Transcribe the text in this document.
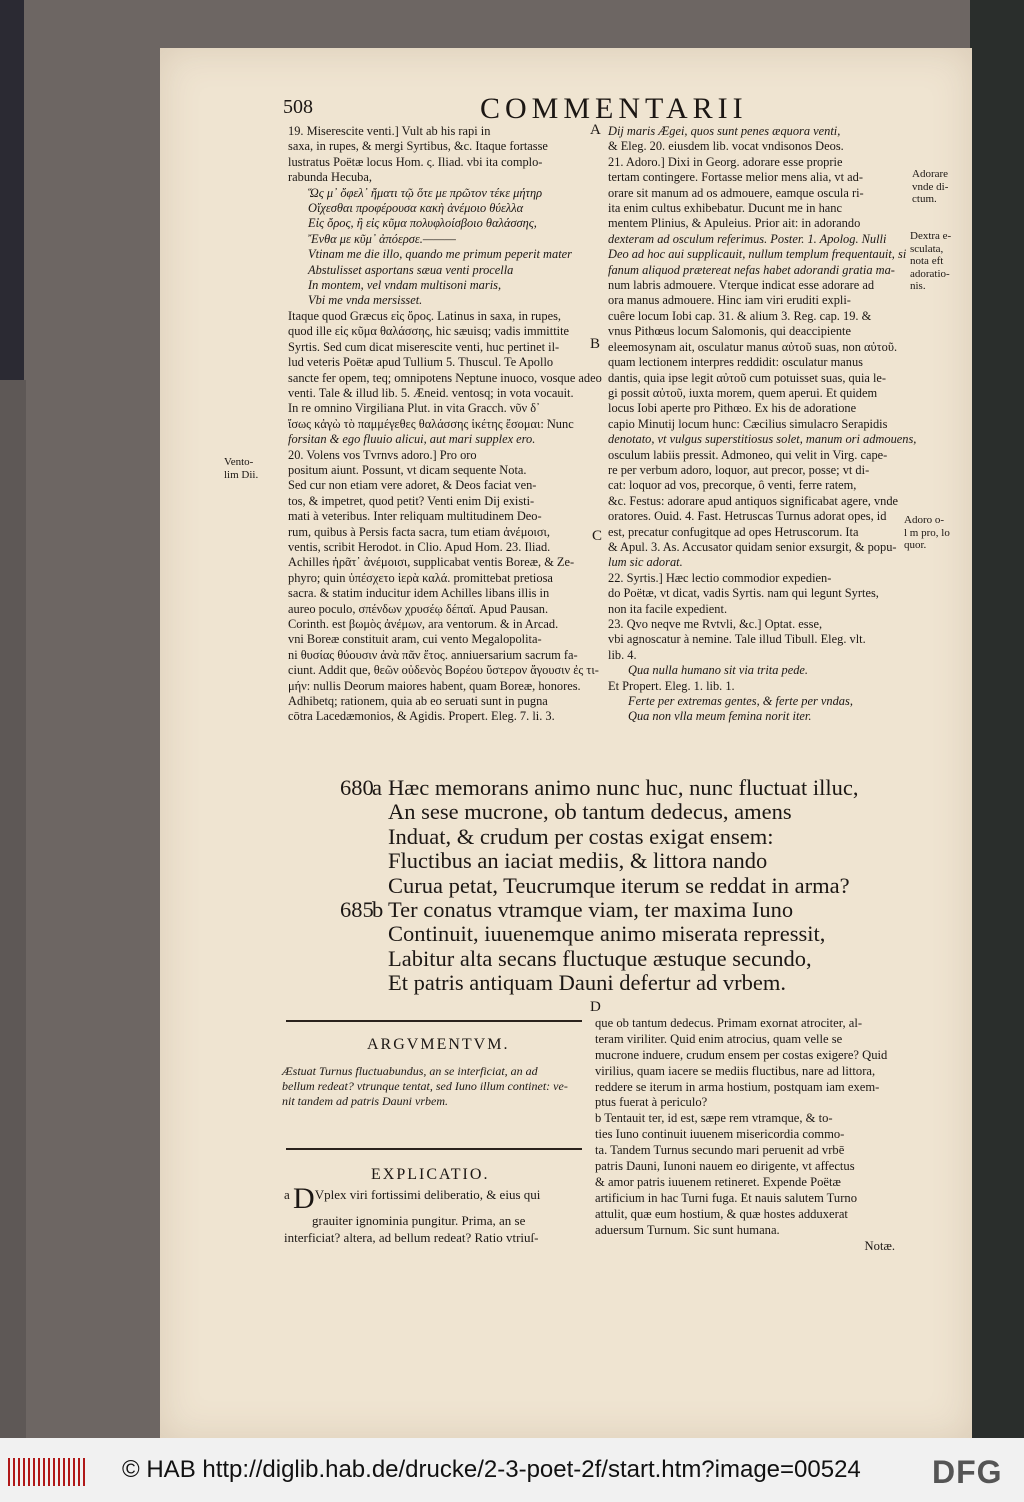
508	COMMENTARII
19. Miserescite venti.] Vult ab his rapi in
saxa, in rupes, & mergi Syrtibus, &c. Itaque fortasse
lustratus Poëtæ locus Hom. ς. Iliad. vbi ita complo-
rabunda Hecuba,
Ὥς μ᾽ ὄφελ᾽ ἤματι τῷ ὅτε με πρῶτον τέκε μήτηρ
Οἴχεσθαι προφέρουσα κακὴ ἀνέμοιο θύελλα
Εἰς ὄρος, ἢ εἰς κῦμα πολυφλοίσβοιο θαλάσσης,
Ἔνθα με κῦμ᾽ ἀπόερσε.———
Vtinam me die illo, quando me primum peperit mater
Abstulisset asportans sæua venti procella
In montem, vel vndam multisoni maris,
Vbi me vnda mersisset.
Itaque quod Græcus εἰς ὄρος. Latinus in saxa, in rupes,
quod ille εἰς κῦμα θαλάσσης, hic sæuisq; vadis immittite
Syrtis. Sed cum dicat miserescite venti, huc pertinet il-
lud veteris Poëtæ apud Tullium 5. Thuscul. Te Apollo
sancte fer opem, teq; omnipotens Neptune inuoco, vosque adeo
venti. Tale & illud lib. 5. Æneid. ventosq; in vota vocauit.
In re omnino Virgiliana Plut. in vita Gracch. νῦν δ᾽
ἴσως κἀγὼ τὸ παμμέγεθες θαλάσσης ἱκέτης ἔσομαι: Nunc
forsitan & ego fluuio alicui, aut mari supplex ero.
20. Volens vos Tvrnvs adoro.] Pro oro
positum aiunt. Possunt, vt dicam sequente Nota.
Sed cur non etiam vere adoret, & Deos faciat ven-
tos, & impetret, quod petit? Venti enim Dij existi-
mati à veteribus. Inter reliquam multitudinem Deo-
rum, quibus à Persis facta sacra, tum etiam ἀνέμοισι,
ventis, scribit Herodot. in Clio. Apud Hom. 23. Iliad.
Achilles ἠρᾶτ᾽ ἀνέμοισι, supplicabat ventis Boreæ, & Ze-
phyro; quin ὑπέσχετο ἱερὰ καλά. promittebat pretiosa
sacra. & statim inducitur idem Achilles libans illis in
aureo poculo, σπένδων χρυσέῳ δέπαϊ. Apud Pausan.
Corinth. est βωμὸς ἀνέμων, ara ventorum. & in Arcad.
vni Boreæ constituit aram, cui vento Megalopolita-
ni θυσίας θύουσιν ἀνὰ πᾶν ἔτος. anniuersarium sacrum fa-
ciunt. Addit que, θεῶν οὐδενὸς Βορέου ὕστερον ἄγουσιν ἐς τι-
μήν: nullis Deorum maiores habent, quam Boreæ, honores.
Adhibetq; rationem, quia ab eo seruati sunt in pugna
cōtra Lacedæmonios, & Agidis. Propert. Eleg. 7. li. 3.
Dij maris Ægei, quos sunt penes æquora venti,
& Eleg. 20. eiusdem lib. vocat vndisonos Deos.
21. Adoro.] Dixi in Georg. adorare esse proprie
tertam contingere. Fortasse melior mens alia, vt ad-
orare sit manum ad os admouere, eamque oscula ri-
ita enim cultus exhibebatur. Ducunt me in hanc
mentem Plinius, & Apuleius. Prior ait: in adorando
dexteram ad osculum referimus. Poster. 1. Apolog. Nulli
Deo ad hoc aui supplicauit, nullum templum frequentauit, si
fanum aliquod prætereat nefas habet adorandi gratia ma-
num labris admouere. Vterque indicat esse adorare ad
ora manus admouere. Hinc iam viri eruditi expli-
cuêre locum Iobi cap. 31. & alium 3. Reg. cap. 19. &
vnus Pithœus locum Salomonis, qui deaccipiente
eleemosynam ait, osculatur manus αὐτοῦ suas, non αὐτοῦ.
quam lectionem interpres reddidit: osculatur manus
dantis, quia ipse legit αὐτοῦ cum potuisset suas, quia le-
gi possit αὐτοῦ, iuxta morem, quem aperui. Et quidem
locus Iobi aperte pro Pithœo. Ex his de adoratione
capio Minutij locum hunc: Cæcilius simulacro Serapidis
denotato, vt vulgus superstitiosus solet, manum ori admouens,
osculum labiis pressit. Admoneo, qui velit in Virg. cape-
re per verbum adoro, loquor, aut precor, posse; vt di-
cat: loquor ad vos, precorque, ô venti, ferre ratem,
&c. Festus: adorare apud antiquos significabat agere, vnde
oratores. Ouid. 4. Fast. Hetruscas Turnus adorat opes, id
est, precatur confugitque ad opes Hetruscorum. Ita
& Apul. 3. As. Accusator quidam senior exsurgit, & popu-
lum sic adorat.
22. Syrtis.] Hæc lectio commodior expedien-
do Poëtæ, vt dicat, vadis Syrtis. nam qui legunt Syrtes,
non ita facile expedient.
23. Qvo neqve me Rvtvli, &c.] Optat. esse,
vbi agnoscatur à nemine. Tale illud Tibull. Eleg. vlt.
lib. 4.
Qua nulla humano sit via trita pede.
Et Propert. Eleg. 1. lib. 1.
Ferte per extremas gentes, & ferte per vndas,
Qua non vlla meum femina norit iter.
A
B
C
Vento-
lim Dii.
Adorare
vnde di-
ctum.
Dextra e-
sculata,
nota eft
adoratio-
nis.
Adoro o-
l m pro, lo
quor.
680a Hæc memorans animo nunc huc, nunc fluctuat illuc,
An sese mucrone, ob tantum dedecus, amens
Induat, & crudum per costas exigat ensem:
Fluctibus an iaciat mediis, & littora nando
Curua petat, Teucrumque iterum se reddat in arma?
685b Ter conatus vtramque viam, ter maxima Iuno
Continuit, iuuenemque animo miserata repressit,
Labitur alta secans fluctuque æstuque secundo,
Et patris antiquam Dauni defertur ad vrbem.
ARGVMENTVM.
Æstuat Turnus fluctuabundus, an se interficiat, an ad
bellum redeat? vtrunque tentat, sed Iuno illum continet: ve-
nit tandem ad patris Dauni vrbem.
EXPLICATIO.
a DVplex viri fortissimi deliberatio, & eius qui
grauiter ignominia pungitur. Prima, an se
interficiat? altera, ad bellum redeat? Ratio vtriuſ-
D
que ob tantum dedecus. Primam exornat atrociter, al-
teram viriliter. Quid enim atrocius, quam velle se
mucrone induere, crudum ensem per costas exigere? Quid
virilius, quam iacere se mediis fluctibus, nare ad littora,
reddere se iterum in arma hostium, postquam iam exem-
ptus fuerat à periculo?
b Tentauit ter, id est, sæpe rem vtramque, & to-
ties Iuno continuit iuuenem misericordia commo-
ta. Tandem Turnus secundo mari peruenit ad vrbē
patris Dauni, Iunoni nauem eo dirigente, vt affectus
& amor patris iuuenem retineret. Expende Poëtæ
artificium in hac Turni fuga. Et nauis salutem Turno
attulit, quæ eum hostium, & quæ hostes adduxerat
aduersum Turnum. Sic sunt humana.
Notæ.
© HAB http://diglib.hab.de/drucke/2-3-poet-2f/start.htm?image=00524 DFG
